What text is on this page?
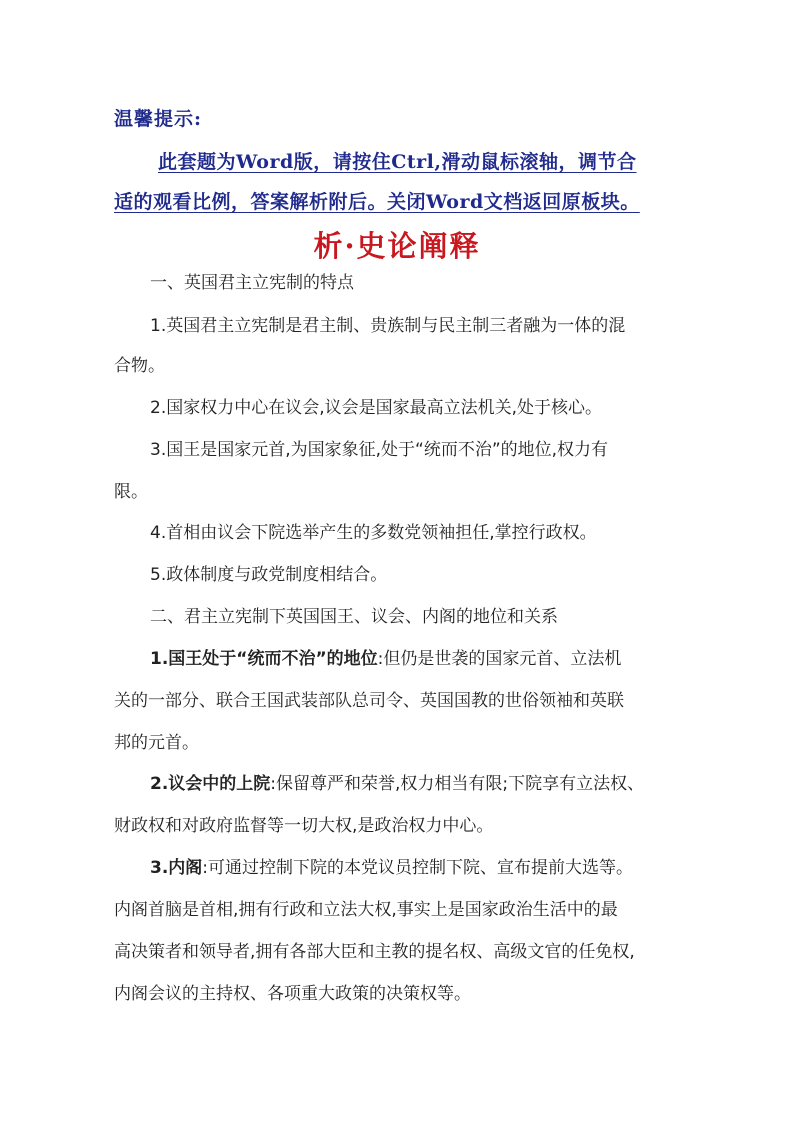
温馨提示:
此套题为Word版，请按住Ctrl,滑动鼠标滚轴，调节合
适的观看比例，答案解析附后。关闭Word文档返回原板块。
析·史论阐释
一、英国君主立宪制的特点
1.英国君主立宪制是君主制、贵族制与民主制三者融为一体的混
合物。
2.国家权力中心在议会,议会是国家最高立法机关,处于核心。
3.国王是国家元首,为国家象征,处于“统而不治”的地位,权力有
限。
4.首相由议会下院选举产生的多数党领袖担任,掌控行政权。
5.政体制度与政党制度相结合。
二、君主立宪制下英国国王、议会、内阁的地位和关系
1.国王处于“统而不治”的地位:但仍是世袭的国家元首、立法机
关的一部分、联合王国武装部队总司令、英国国教的世俗领袖和英联
邦的元首。
2.议会中的上院:保留尊严和荣誉,权力相当有限;下院享有立法权、
财政权和对政府监督等一切大权,是政治权力中心。
3.内阁:可通过控制下院的本党议员控制下院、宣布提前大选等。
内阁首脑是首相,拥有行政和立法大权,事实上是国家政治生活中的最
高决策者和领导者,拥有各部大臣和主教的提名权、高级文官的任免权,
内阁会议的主持权、各项重大政策的决策权等。
